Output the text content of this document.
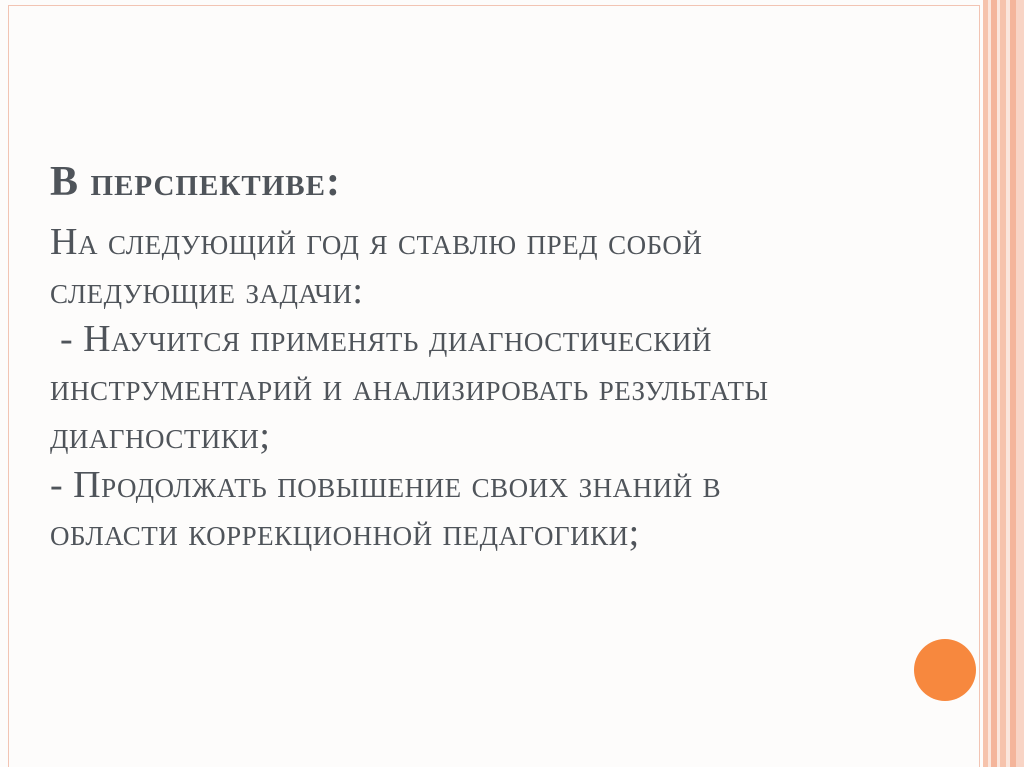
В перспективе:

На следующий год я ставлю пред собой

следующие задачи:

- Научится применять диагностический

инструментарий и анализировать результаты

диагностики;

- Продолжать повышение своих знаний в

области коррекционной педагогики;
